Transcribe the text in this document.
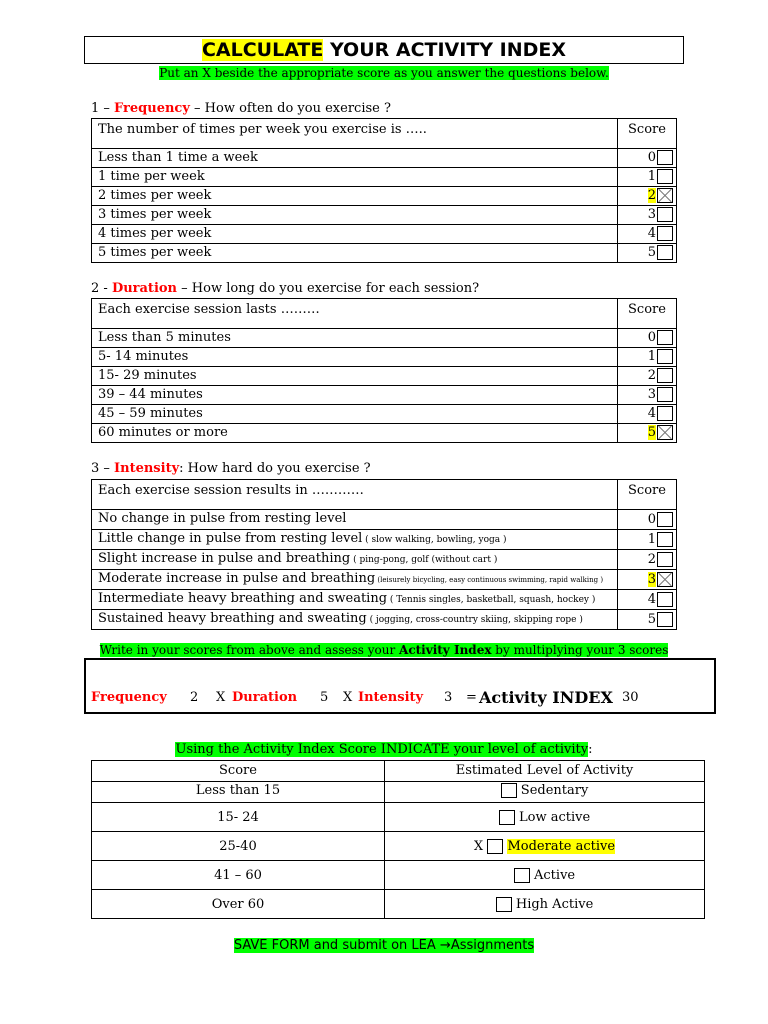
CALCULATE YOUR ACTIVITY INDEX
Put an X beside the appropriate score as you answer the questions below.
1 – Frequency – How often do you exercise ?
The number of times per week you exercise is …..	Score	
Less than 1 time a week	0	
1 time per week	1	
2 times per week	2	
3 times per week	3	
4 times per week	4	
5 times per week	5	
2 - Duration – How long do you exercise for each session?
Each exercise session lasts ………	Score	
Less than 5 minutes	0	
5- 14 minutes	1	
15- 29 minutes	2	
39 – 44 minutes	3	
45 – 59 minutes	4	
60 minutes or more	5	
3 – Intensity: How hard do you exercise ?
Each exercise session results in …………	Score	
No change in pulse from resting level	0	
Little change in pulse from resting level ( slow walking, bowling, yoga )	1	
Slight increase in pulse and breathing ( ping-pong, golf (without cart )	2	
Moderate increase in pulse and breathing (leisurely bicycling, easy continuous swimming, rapid walking )	3	
Intermediate heavy breathing and sweating ( Tennis singles, basketball, squash, hockey )	4	
Sustained heavy breathing and sweating ( jogging, cross-country skiing, skipping rope )	5	
Write in your scores from above and assess your Activity Index by multiplying your 3 scores
Frequency 2 X Duration 5 X Intensity 3 = Activity INDEX 30
Using the Activity Index Score INDICATE your level of activity:
Score	Estimated Level of Activity
Less than 15	Sedentary
15- 24	Low active
25-40	X Moderate active
41 – 60	Active
Over 60	High Active
SAVE FORM and submit on LEA →Assignments
